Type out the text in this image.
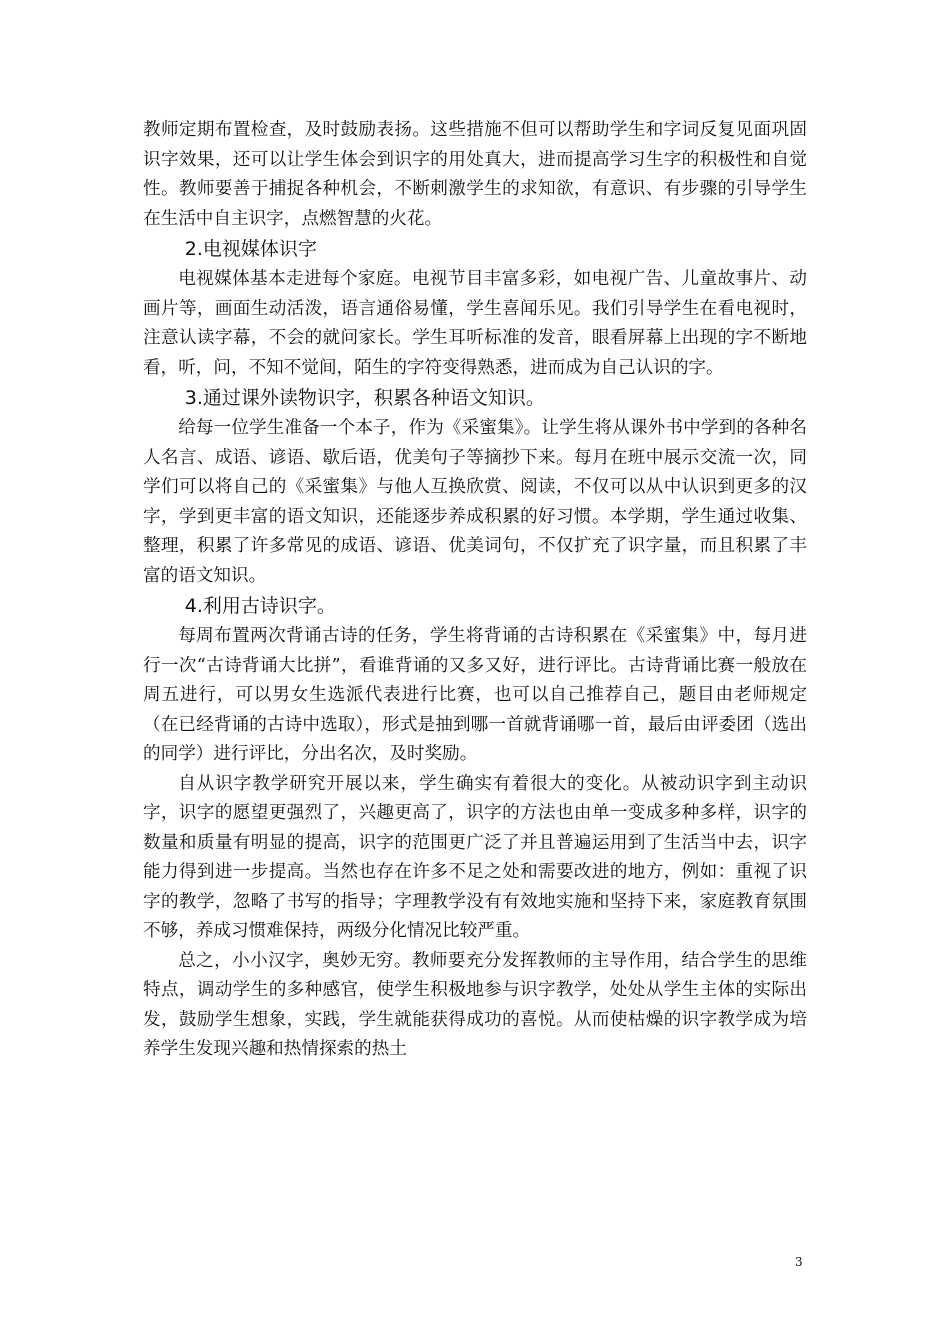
教师定期布置检查，及时鼓励表扬。这些措施不但可以帮助学生和字词反复见面巩固识字效果，还可以让学生体会到识字的用处真大，进而提高学习生字的积极性和自觉性。教师要善于捕捉各种机会，不断刺激学生的求知欲，有意识、有步骤的引导学生在生活中自主识字，点燃智慧的火花。

2.电视媒体识字

电视媒体基本走进每个家庭。电视节目丰富多彩，如电视广告、儿童故事片、动画片等，画面生动活泼，语言通俗易懂，学生喜闻乐见。我们引导学生在看电视时，注意认读字幕，不会的就问家长。学生耳听标准的发音，眼看屏幕上出现的字不断地看，听，问，不知不觉间，陌生的字符变得熟悉，进而成为自己认识的字。

3.通过课外读物识字，积累各种语文知识。

给每一位学生准备一个本子，作为《采蜜集》。让学生将从课外书中学到的各种名人名言、成语、谚语、歇后语，优美句子等摘抄下来。每月在班中展示交流一次，同学们可以将自己的《采蜜集》与他人互换欣赏、阅读，不仅可以从中认识到更多的汉字，学到更丰富的语文知识，还能逐步养成积累的好习惯。本学期，学生通过收集、整理，积累了许多常见的成语、谚语、优美词句，不仅扩充了识字量，而且积累了丰富的语文知识。

4.利用古诗识字。

每周布置两次背诵古诗的任务，学生将背诵的古诗积累在《采蜜集》中，每月进行一次“古诗背诵大比拼”，看谁背诵的又多又好，进行评比。古诗背诵比赛一般放在周五进行，可以男女生选派代表进行比赛，也可以自己推荐自己，题目由老师规定（在已经背诵的古诗中选取），形式是抽到哪一首就背诵哪一首，最后由评委团（选出的同学）进行评比，分出名次，及时奖励。

自从识字教学研究开展以来，学生确实有着很大的变化。从被动识字到主动识字，识字的愿望更强烈了，兴趣更高了，识字的方法也由单一变成多种多样，识字的数量和质量有明显的提高，识字的范围更广泛了并且普遍运用到了生活当中去，识字能力得到进一步提高。当然也存在许多不足之处和需要改进的地方，例如：重视了识字的教学，忽略了书写的指导；字理教学没有有效地实施和坚持下来，家庭教育氛围不够，养成习惯难保持，两级分化情况比较严重。

总之，小小汉字，奥妙无穷。教师要充分发挥教师的主导作用，结合学生的思维特点，调动学生的多种感官，使学生积极地参与识字教学，处处从学生主体的实际出发，鼓励学生想象，实践，学生就能获得成功的喜悦。从而使枯燥的识字教学成为培养学生发现兴趣和热情探索的热土

3
